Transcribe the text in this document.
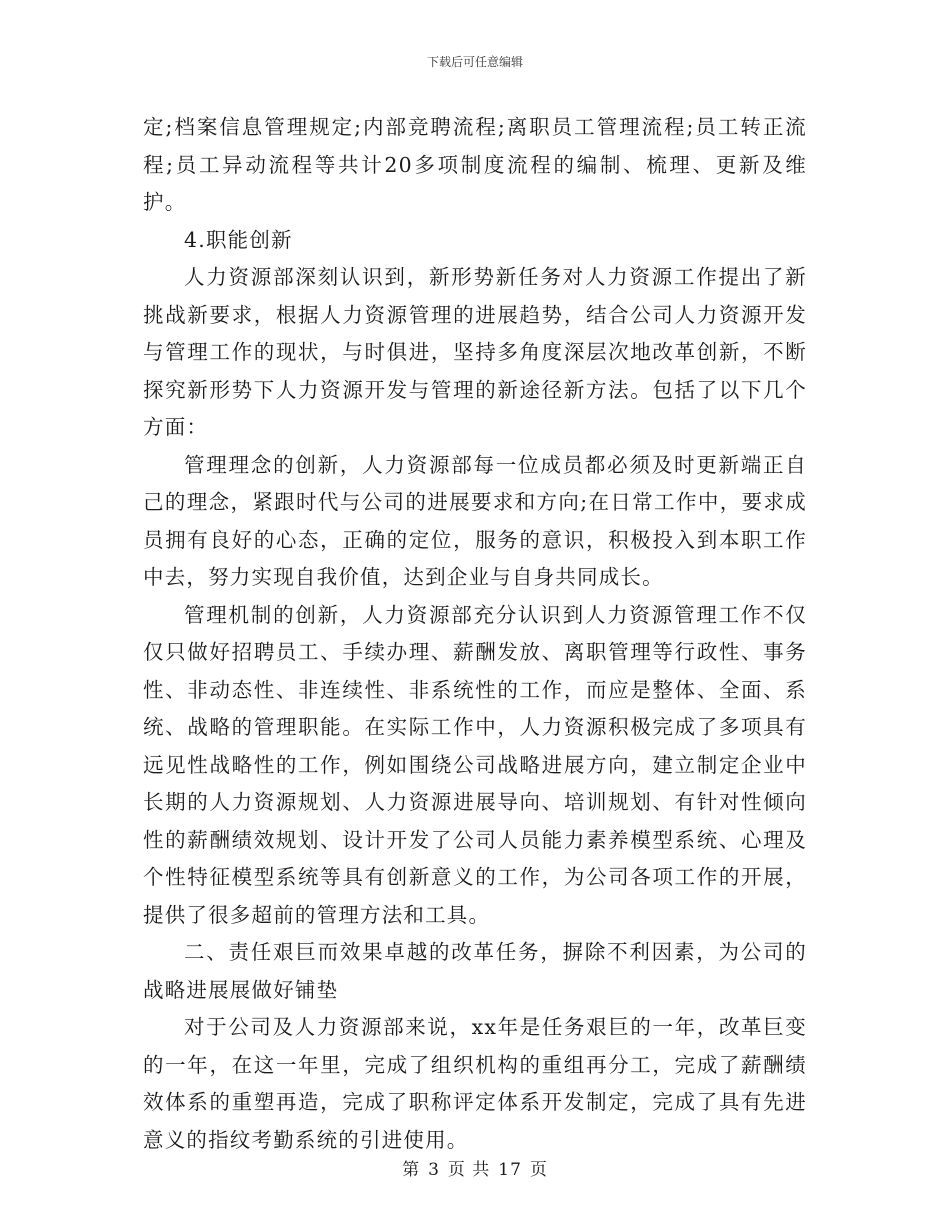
下载后可任意编辑

定;档案信息管理规定;内部竞聘流程;离职员工管理流程;员工转正流程;员工异动流程等共计20多项制度流程的编制、梳理、更新及维护。

4.职能创新

人力资源部深刻认识到，新形势新任务对人力资源工作提出了新挑战新要求，根据人力资源管理的进展趋势，结合公司人力资源开发与管理工作的现状，与时俱进，坚持多角度深层次地改革创新，不断探究新形势下人力资源开发与管理的新途径新方法。包括了以下几个方面：

管理理念的创新，人力资源部每一位成员都必须及时更新端正自己的理念，紧跟时代与公司的进展要求和方向;在日常工作中，要求成员拥有良好的心态，正确的定位，服务的意识，积极投入到本职工作中去，努力实现自我价值，达到企业与自身共同成长。

管理机制的创新，人力资源部充分认识到人力资源管理工作不仅仅只做好招聘员工、手续办理、薪酬发放、离职管理等行政性、事务性、非动态性、非连续性、非系统性的工作，而应是整体、全面、系统、战略的管理职能。在实际工作中，人力资源积极完成了多项具有远见性战略性的工作，例如围绕公司战略进展方向，建立制定企业中长期的人力资源规划、人力资源进展导向、培训规划、有针对性倾向性的薪酬绩效规划、设计开发了公司人员能力素养模型系统、心理及个性特征模型系统等具有创新意义的工作，为公司各项工作的开展，提供了很多超前的管理方法和工具。

二、责任艰巨而效果卓越的改革任务，摒除不利因素，为公司的战略进展展做好铺垫

对于公司及人力资源部来说，xx年是任务艰巨的一年，改革巨变的一年，在这一年里，完成了组织机构的重组再分工，完成了薪酬绩效体系的重塑再造，完成了职称评定体系开发制定，完成了具有先进意义的指纹考勤系统的引进使用。

第 3 页 共 17 页
